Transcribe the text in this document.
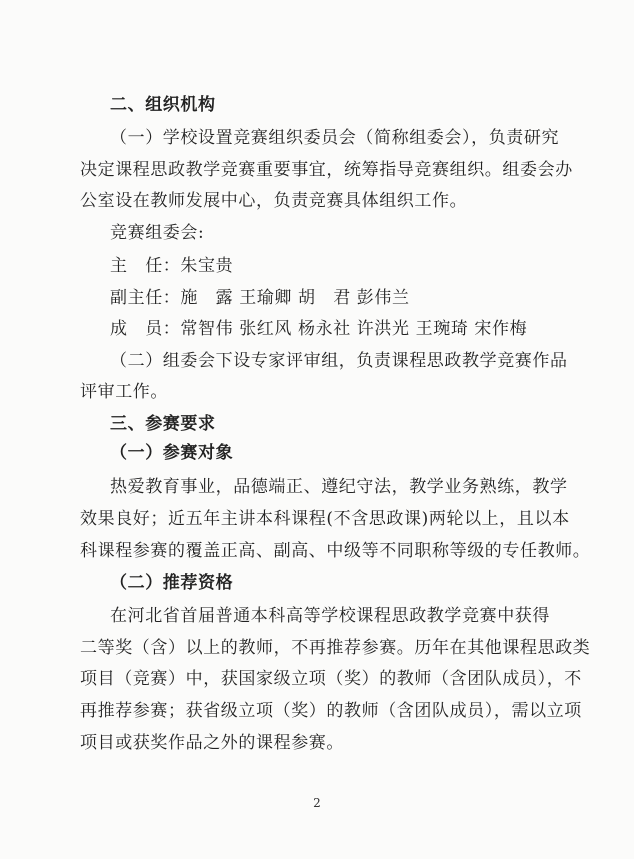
二、组织机构
（一）学校设置竞赛组织委员会（简称组委会），负责研究
决定课程思政教学竞赛重要事宜，统筹指导竞赛组织。组委会办
公室设在教师发展中心，负责竞赛具体组织工作。
竞赛组委会:
主　任：朱宝贵
副主任：施　露 王瑜卿 胡　君 彭伟兰
成　员：常智伟 张红风 杨永社 许洪光 王琬琦 宋作梅
（二）组委会下设专家评审组，负责课程思政教学竞赛作品
评审工作。
三、参赛要求
（一）参赛对象
热爱教育事业，品德端正、遵纪守法，教学业务熟练，教学
效果良好；近五年主讲本科课程(不含思政课)两轮以上，且以本
科课程参赛的覆盖正高、副高、中级等不同职称等级的专任教师。
（二）推荐资格
在河北省首届普通本科高等学校课程思政教学竞赛中获得
二等奖（含）以上的教师，不再推荐参赛。历年在其他课程思政类
项目（竞赛）中，获国家级立项（奖）的教师（含团队成员），不
再推荐参赛；获省级立项（奖）的教师（含团队成员），需以立项
项目或获奖作品之外的课程参赛。
2
